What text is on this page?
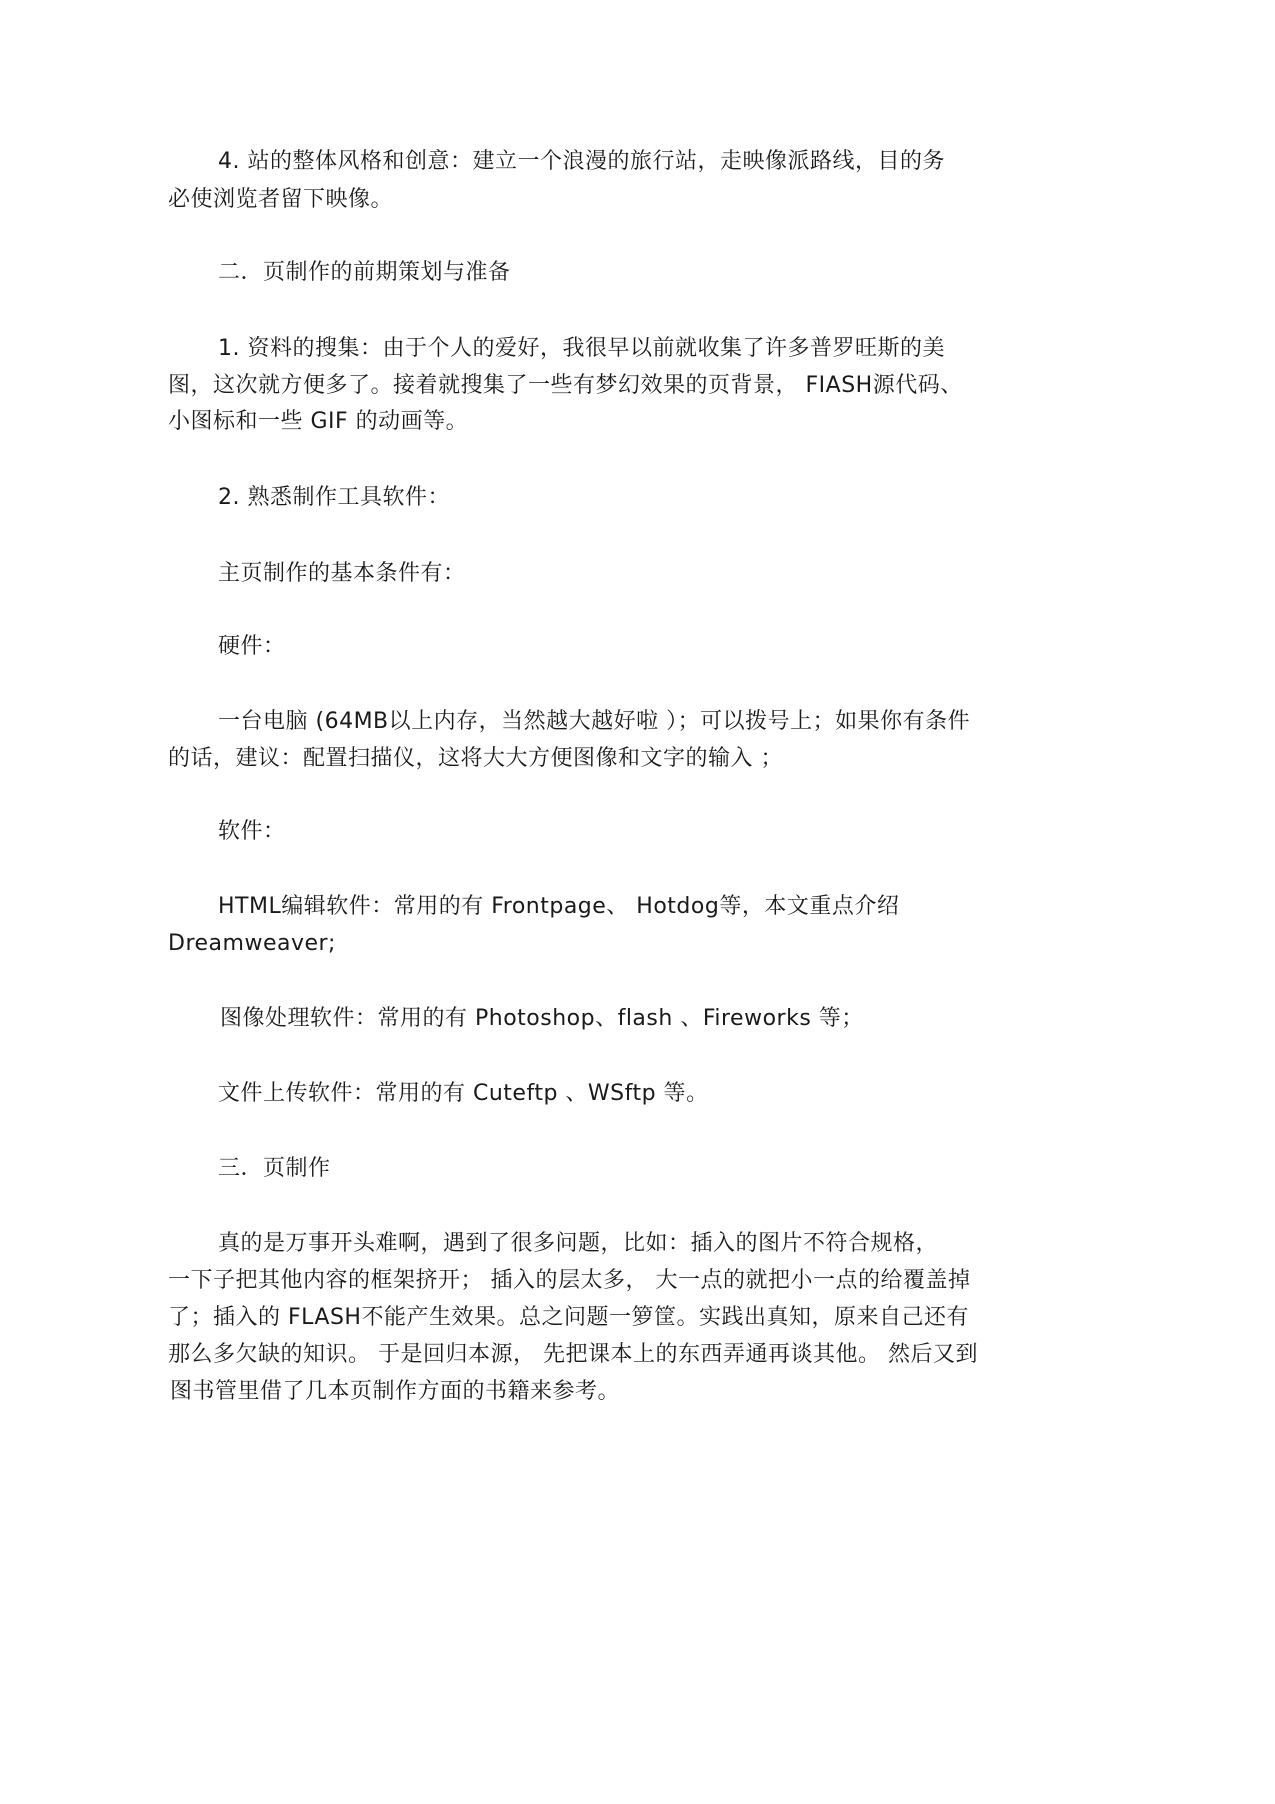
4. 站的整体风格和创意：建立一个浪漫的旅行站，走映像派路线，目的务
必使浏览者留下映像。
二．页制作的前期策划与准备
1. 资料的搜集：由于个人的爱好，我很早以前就收集了许多普罗旺斯的美
图，这次就方便多了。接着就搜集了一些有梦幻效果的页背景， FIASH源代码、
小图标和一些 GIF 的动画等。
2. 熟悉制作工具软件：
主页制作的基本条件有：
硬件：
一台电脑 (64MB以上内存，当然越大越好啦 ）；可以拨号上；如果你有条件
的话，建议：配置扫描仪，这将大大方便图像和文字的输入 ；
软件：
HTML编辑软件：常用的有 Frontpage、 Hotdog等，本文重点介绍
Dreamweaver;
图像处理软件：常用的有 Photoshop、flash 、Fireworks 等；
文件上传软件：常用的有 Cuteftp 、WSftp 等。
三．页制作
真的是万事开头难啊，遇到了很多问题，比如：插入的图片不符合规格，
一下子把其他内容的框架挤开； 插入的层太多， 大一点的就把小一点的给覆盖掉
了；插入的 FLASH不能产生效果。总之问题一箩筐。实践出真知，原来自己还有
那么多欠缺的知识。 于是回归本源， 先把课本上的东西弄通再谈其他。 然后又到
图书管里借了几本页制作方面的书籍来参考。
